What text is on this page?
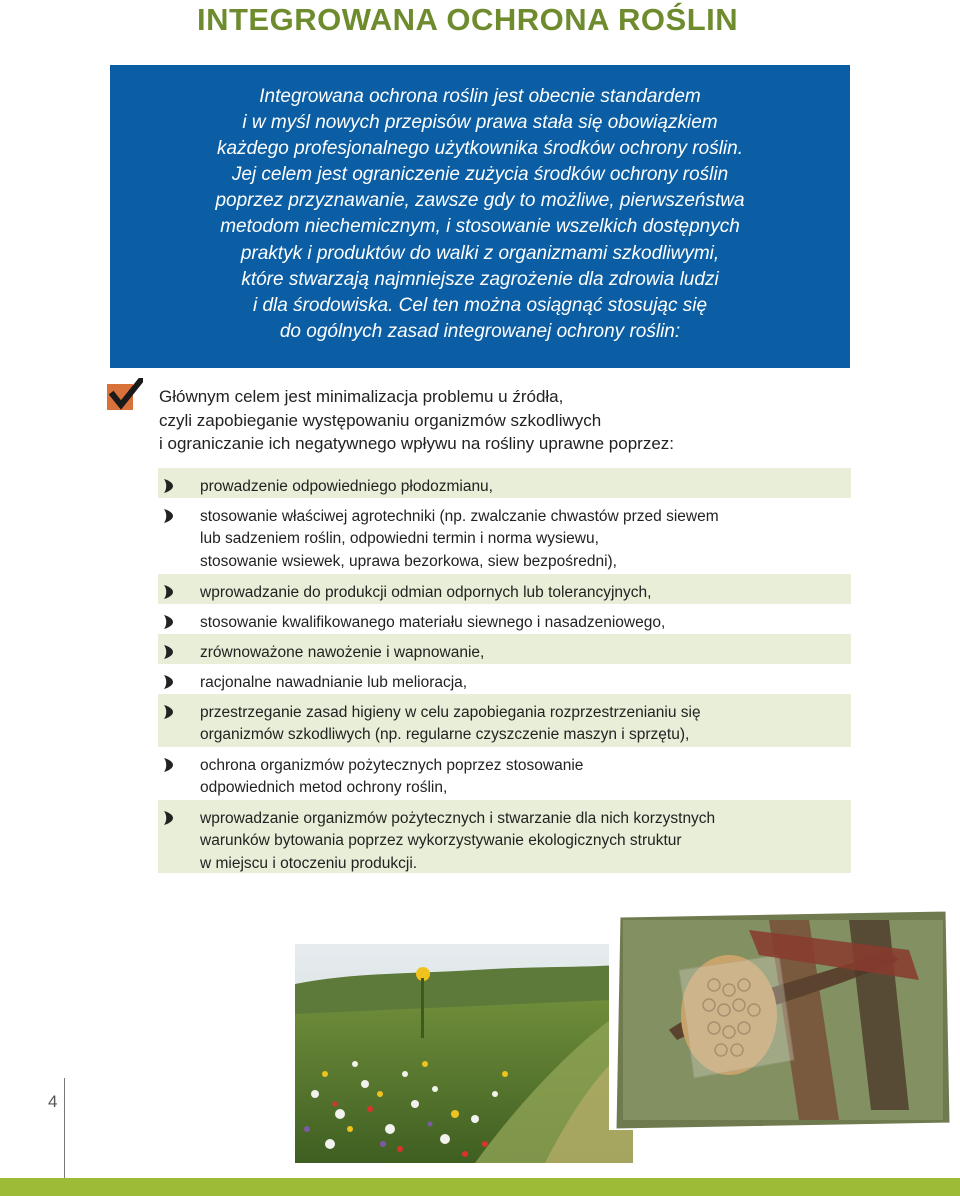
INTEGROWANA OCHRONA ROŚLIN
Integrowana ochrona roślin jest obecnie standardem
i w myśl nowych przepisów prawa stała się obowiązkiem
każdego profesjonalnego użytkownika środków ochrony roślin.
Jej celem jest ograniczenie zużycia środków ochrony roślin
poprzez przyznawanie, zawsze gdy to możliwe, pierwszeństwa
metodom niechemicznym, i stosowanie wszelkich dostępnych
praktyk i produktów do walki z organizmami szkodliwymi,
które stwarzają najmniejsze zagrożenie dla zdrowia ludzi
i dla środowiska. Cel ten można osiągnąć stosując się
do ogólnych zasad integrowanej ochrony roślin:
Głównym celem jest minimalizacja problemu u źródła,
czyli zapobieganie występowaniu organizmów szkodliwych
i ograniczanie ich negatywnego wpływu na rośliny uprawne poprzez:
prowadzenie odpowiedniego płodozmianu,
stosowanie właściwej agrotechniki (np. zwalczanie chwastów przed siewem
lub sadzeniem roślin, odpowiedni termin i norma wysiewu,
stosowanie wsiewek, uprawa bezorkowa, siew bezpośredni),
wprowadzanie do produkcji odmian odpornych lub tolerancyjnych,
stosowanie kwalifikowanego materiału siewnego i nasadzeniowego,
zrównoważone nawożenie i wapnowanie,
racjonalne nawadnianie lub melioracja,
przestrzeganie zasad higieny w celu zapobiegania rozprzestrzenianiu się
organizmów szkodliwych (np. regularne czyszczenie maszyn i sprzętu),
ochrona organizmów pożytecznych poprzez stosowanie
odpowiednich metod ochrony roślin,
wprowadzanie organizmów pożytecznych i stwarzanie dla nich korzystnych
warunków bytowania poprzez wykorzystywanie ekologicznych struktur
w miejscu i otoczeniu produkcji.
4
